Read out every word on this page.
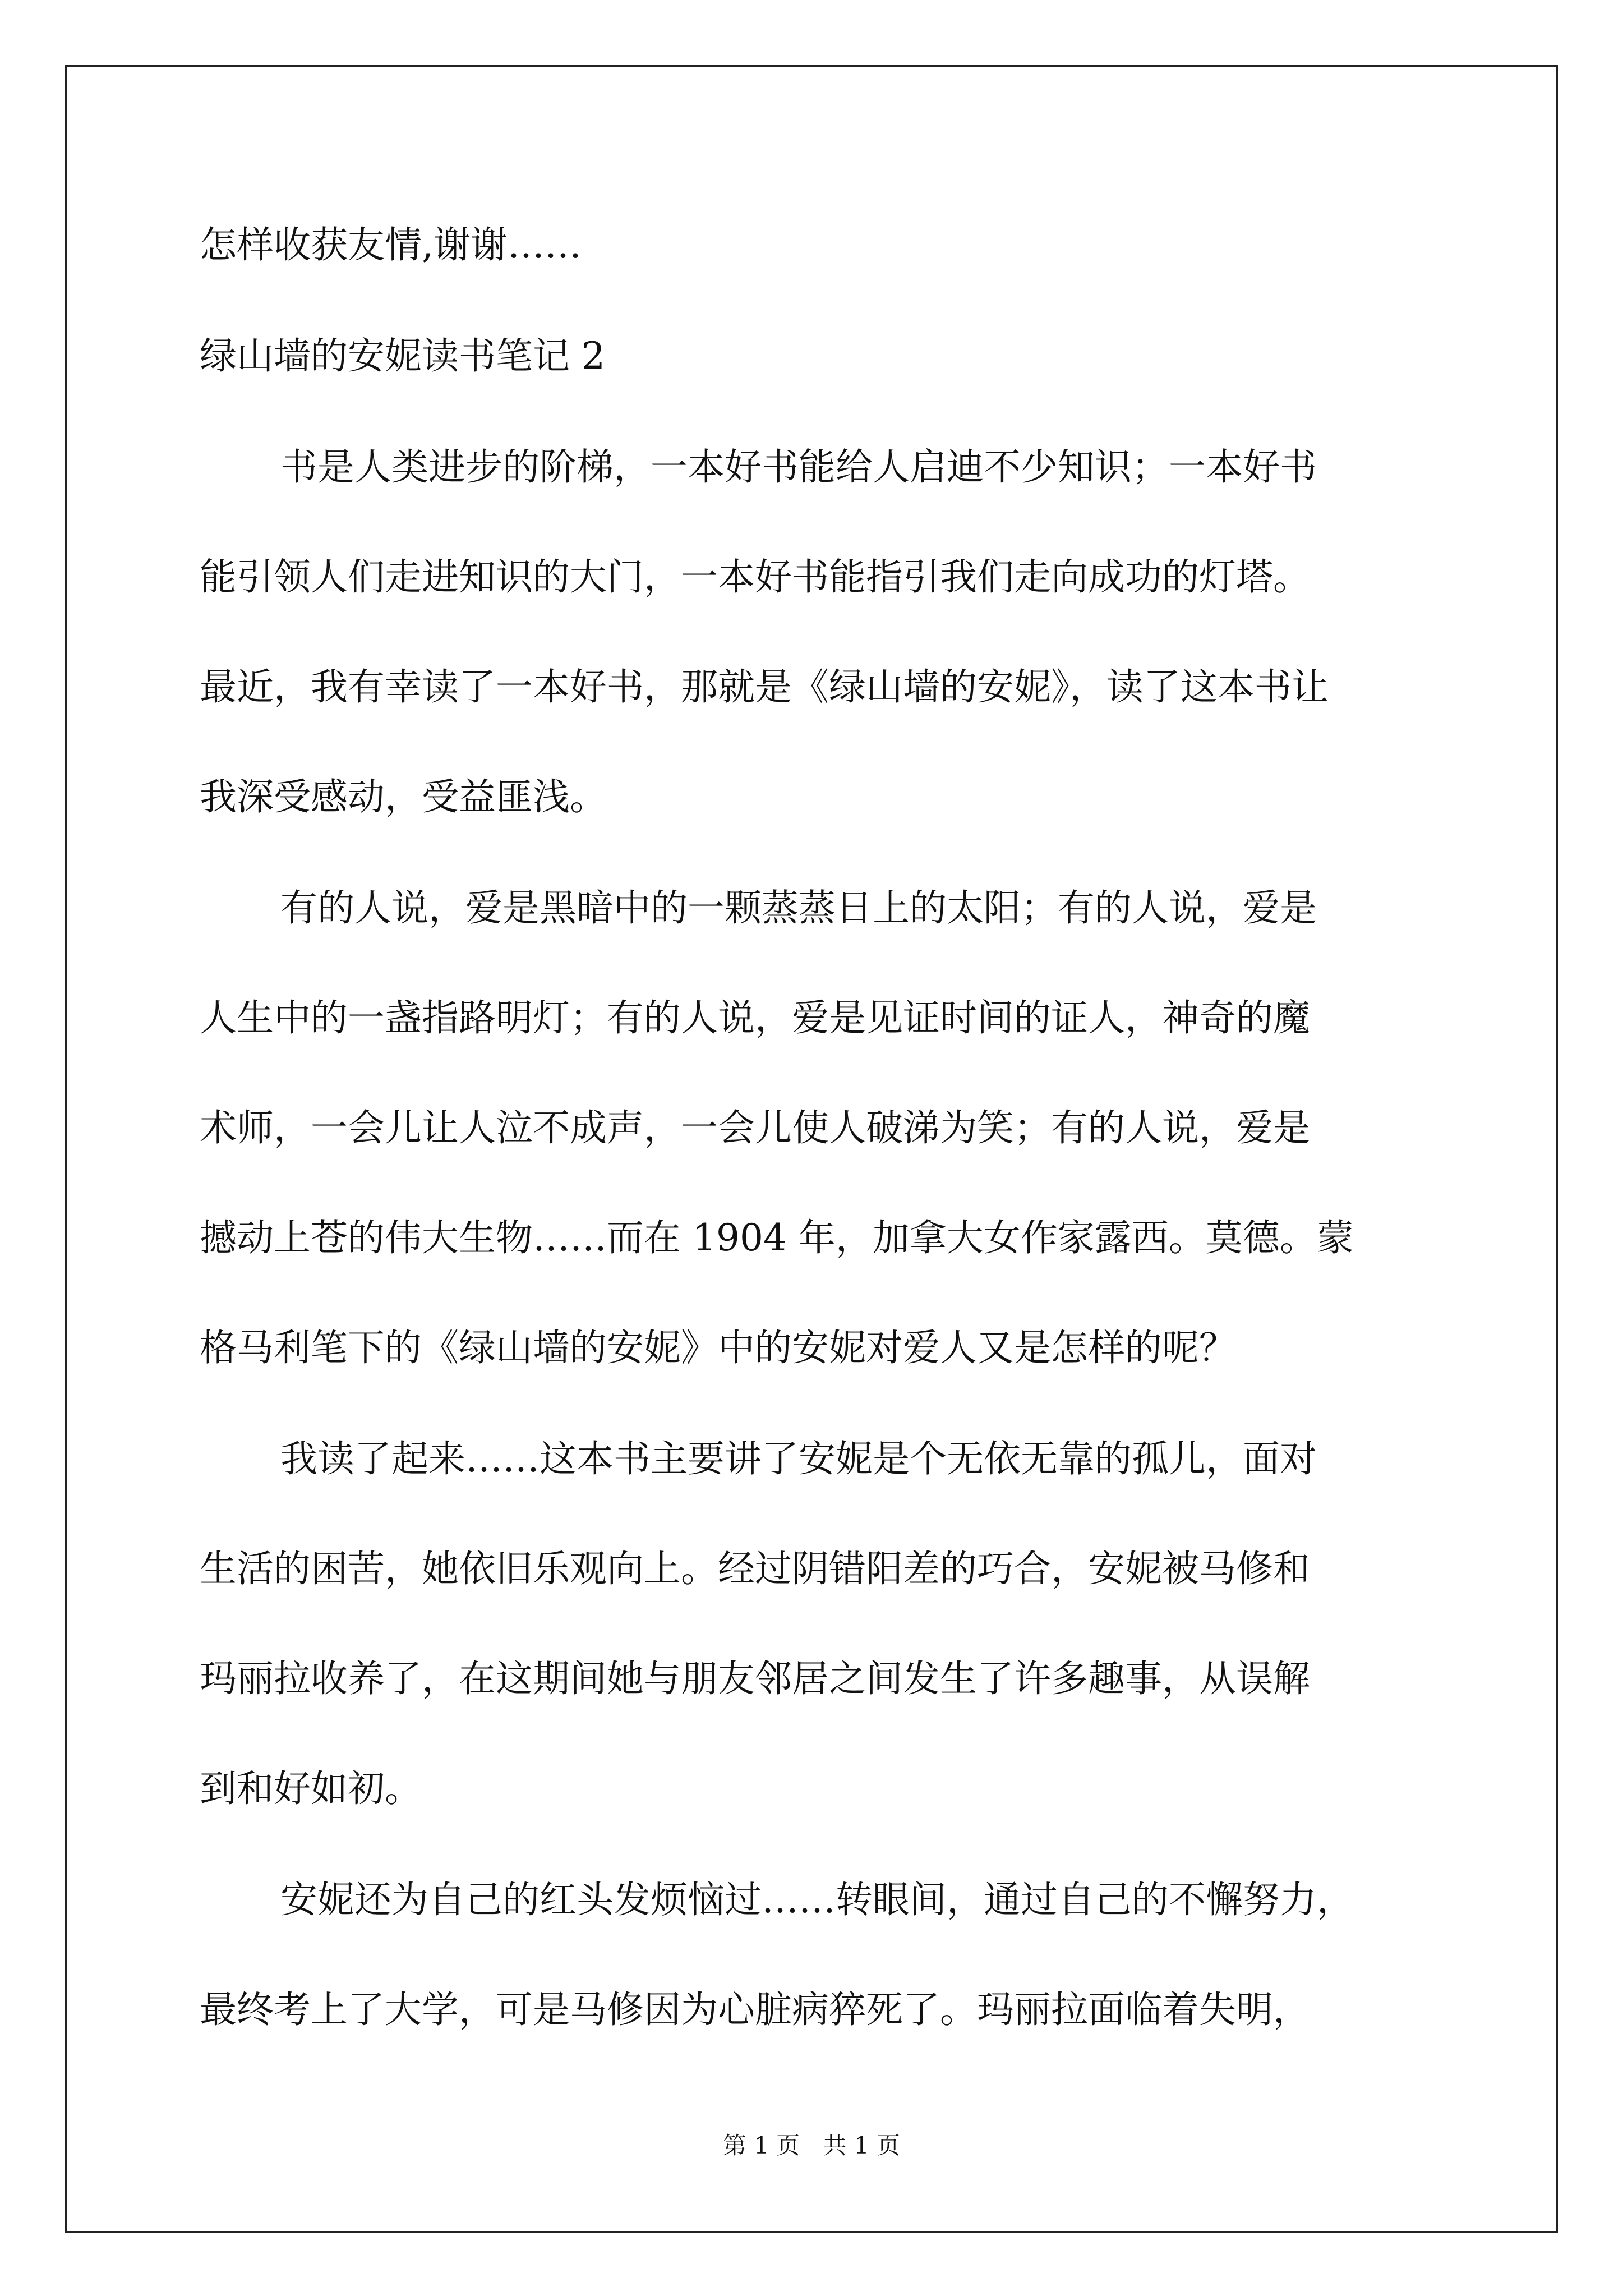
怎样收获友情,谢谢……

绿山墙的安妮读书笔记 2

书是人类进步的阶梯，一本好书能给人启迪不少知识；一本好书
能引领人们走进知识的大门，一本好书能指引我们走向成功的灯塔。
最近，我有幸读了一本好书，那就是《绿山墙的安妮》，读了这本书让
我深受感动，受益匪浅。
有的人说，爱是黑暗中的一颗蒸蒸日上的太阳；有的人说，爱是
人生中的一盏指路明灯；有的人说，爱是见证时间的证人，神奇的魔
术师，一会儿让人泣不成声，一会儿使人破涕为笑；有的人说，爱是
撼动上苍的伟大生物……而在 1904 年，加拿大女作家露西。莫德。蒙
格马利笔下的《绿山墙的安妮》中的安妮对爱人又是怎样的呢？
我读了起来……这本书主要讲了安妮是个无依无靠的孤儿，面对
生活的困苦，她依旧乐观向上。经过阴错阳差的巧合，安妮被马修和
玛丽拉收养了，在这期间她与朋友邻居之间发生了许多趣事，从误解
到和好如初。
安妮还为自己的红头发烦恼过……转眼间，通过自己的不懈努力，
最终考上了大学，可是马修因为心脏病猝死了。玛丽拉面临着失明，
第 1 页 共 1 页
